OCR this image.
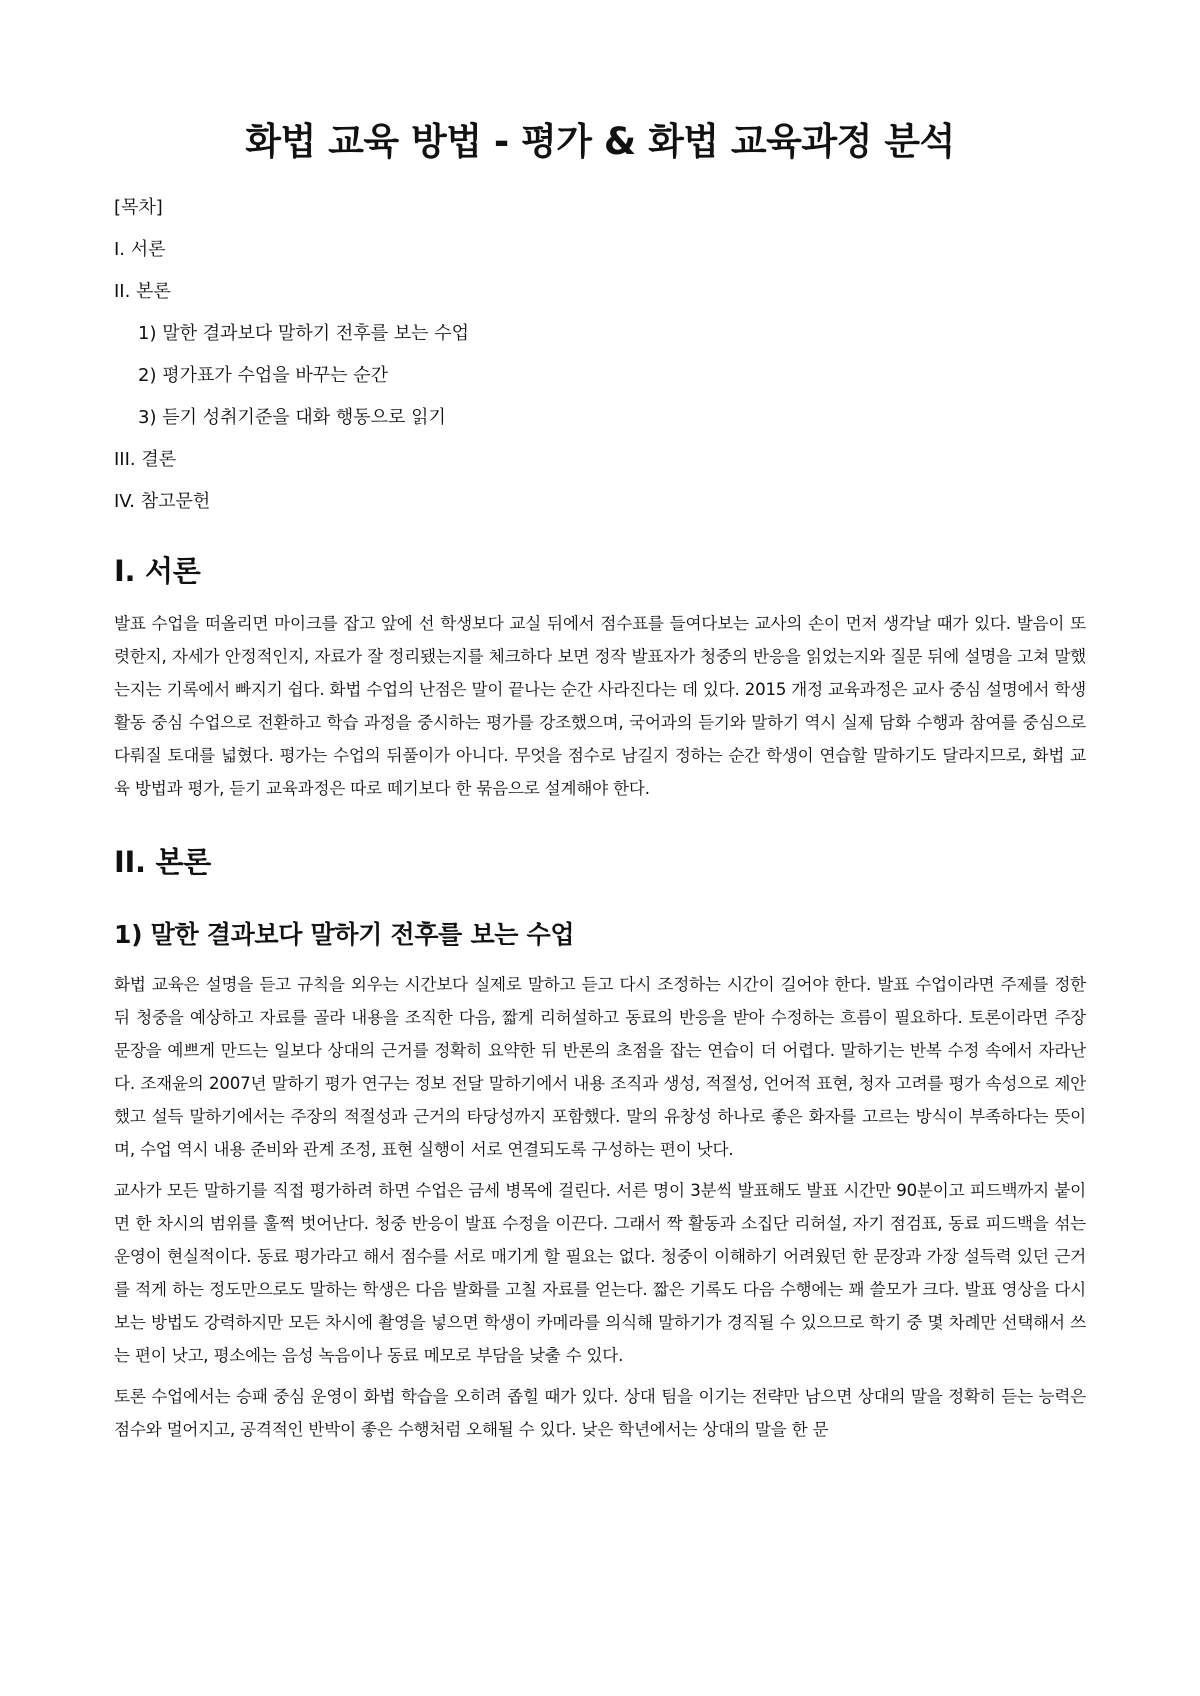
화법 교육 방법 - 평가 & 화법 교육과정 분석
[목차]
I. 서론
II. 본론
1) 말한 결과보다 말하기 전후를 보는 수업
2) 평가표가 수업을 바꾸는 순간
3) 듣기 성취기준을 대화 행동으로 읽기
III. 결론
IV. 참고문헌
I. 서론

발표 수업을 떠올리면 마이크를 잡고 앞에 선 학생보다 교실 뒤에서 점수표를 들여다보는 교사의 손이 먼저 생각날 때가 있다. 발음이 또렷한지, 자세가 안정적인지, 자료가 잘 정리됐는지를 체크하다 보면 정작 발표자가 청중의 반응을 읽었는지와 질문 뒤에 설명을 고쳐 말했는지는 기록에서 빠지기 쉽다. 화법 수업의 난점은 말이 끝나는 순간 사라진다는 데 있다. 2015 개정 교육과정은 교사 중심 설명에서 학생 활동 중심 수업으로 전환하고 학습 과정을 중시하는 평가를 강조했으며, 국어과의 듣기와 말하기 역시 실제 담화 수행과 참여를 중심으로 다뤄질 토대를 넓혔다. 평가는 수업의 뒤풀이가 아니다. 무엇을 점수로 남길지 정하는 순간 학생이 연습할 말하기도 달라지므로, 화법 교육 방법과 평가, 듣기 교육과정은 따로 떼기보다 한 묶음으로 설계해야 한다.

II. 본론
1) 말한 결과보다 말하기 전후를 보는 수업

화법 교육은 설명을 듣고 규칙을 외우는 시간보다 실제로 말하고 듣고 다시 조정하는 시간이 길어야 한다. 발표 수업이라면 주제를 정한 뒤 청중을 예상하고 자료를 골라 내용을 조직한 다음, 짧게 리허설하고 동료의 반응을 받아 수정하는 흐름이 필요하다. 토론이라면 주장 문장을 예쁘게 만드는 일보다 상대의 근거를 정확히 요약한 뒤 반론의 초점을 잡는 연습이 더 어렵다. 말하기는 반복 수정 속에서 자라난다. 조재윤의 2007년 말하기 평가 연구는 정보 전달 말하기에서 내용 조직과 생성, 적절성, 언어적 표현, 청자 고려를 평가 속성으로 제안했고 설득 말하기에서는 주장의 적절성과 근거의 타당성까지 포함했다. 말의 유창성 하나로 좋은 화자를 고르는 방식이 부족하다는 뜻이며, 수업 역시 내용 준비와 관계 조정, 표현 실행이 서로 연결되도록 구성하는 편이 낫다.

교사가 모든 말하기를 직접 평가하려 하면 수업은 금세 병목에 걸린다. 서른 명이 3분씩 발표해도 발표 시간만 90분이고 피드백까지 붙이면 한 차시의 범위를 훌쩍 벗어난다. 청중 반응이 발표 수정을 이끈다. 그래서 짝 활동과 소집단 리허설, 자기 점검표, 동료 피드백을 섞는 운영이 현실적이다. 동료 평가라고 해서 점수를 서로 매기게 할 필요는 없다. 청중이 이해하기 어려웠던 한 문장과 가장 설득력 있던 근거를 적게 하는 정도만으로도 말하는 학생은 다음 발화를 고칠 자료를 얻는다. 짧은 기록도 다음 수행에는 꽤 쓸모가 크다. 발표 영상을 다시 보는 방법도 강력하지만 모든 차시에 촬영을 넣으면 학생이 카메라를 의식해 말하기가 경직될 수 있으므로 학기 중 몇 차례만 선택해서 쓰는 편이 낫고, 평소에는 음성 녹음이나 동료 메모로 부담을 낮출 수 있다.

토론 수업에서는 승패 중심 운영이 화법 학습을 오히려 좁힐 때가 있다. 상대 팀을 이기는 전략만 남으면 상대의 말을 정확히 듣는 능력은 점수와 멀어지고, 공격적인 반박이 좋은 수행처럼 오해될 수 있다. 낮은 학년에서는 상대의 말을 한 문
